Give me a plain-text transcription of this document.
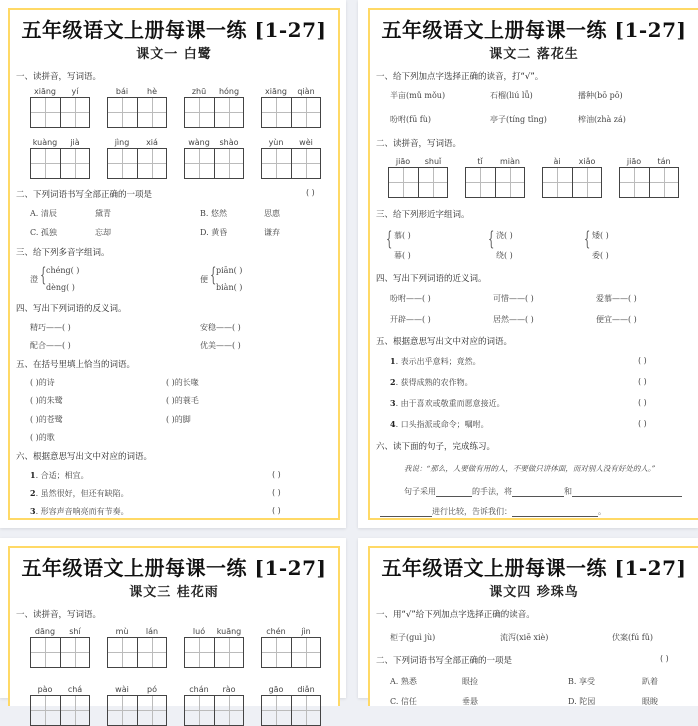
五年级语文上册每课一练 [1-27]
课文一 白鹭
一、读拼音，写词语。
xiāng	yí	bái	hè	zhū	hóng	xiāng	qiàn
kuàng	jià	jìng	xiá	wàng	shào	yùn	wèi
二、下列词语书写全部正确的一项是	( )
A. 清辰	黛青	B. 悠然	思惠
C. 孤独	忘却	D. 黄昏	谦弃
三、给下列多音字组词。
澄 { chéng( )
dèng( )
便 { piān( )
biàn( )
四、写出下列词语的反义词。
精巧——( )	安稳——( )
配合——( )	优美——( )
五、在括号里填上恰当的词语。
( )的诗	( )的长喙
( )的朱鹭	( )的蓑毛
( )的苍鹭	( )的脚
( )的歌
六、根据意思写出文中对应的词语。
1. 合适；相宜。	( )
2. 虽然很好，但还有缺陷。	( )
3. 形容声音响亮而有节奏。	( )
五年级语文上册每课一练 [1-27]
课文二 落花生
一、给下列加点字选择正确的读音，打“√”。
半亩(mǔ mǒu)	石榴(liú lǚ)	播种(bō pō)
吩咐(fū fù)	亭子(tíng tǐng)	榨油(zhà zá)
二、读拼音，写词语。
jiāo	shuǐ	tǐ	miàn	ài	xiǎo	jiāo	tán
三、给下列形近字组词。
{ 慕( )
幕( )
{ 浇( )
绕( )
{ 矮( )
委( )
四、写出下列词语的近义词。
吩咐——( )	可惜——( )	爱慕——( )
开辟——( )	居然——( )	便宜——( )
五、根据意思写出文中对应的词语。
1. 表示出乎意料；竟然。	( )
2. 获得成熟的农作物。	( )
3. 由于喜欢或敬重而愿意接近。	( )
4. 口头指派或命令；嘱咐。	( )
六、读下面的句子，完成练习。
我说：“那么，人要做有用的人，不要做只讲体面，而对别人没有好处的人。”
句子采用	的手法，将	和
进行比较，告诉我们：	。
五年级语文上册每课一练 [1-27]
课文三 桂花雨
一、读拼音，写词语。
dāng	shí	mù	lán	luó	kuāng	chén	jìn
pào	chá	wài	pó	chán	rào	gāo	diǎn
五年级语文上册每课一练 [1-27]
课文四 珍珠鸟
一、用“√”给下列加点字选择正确的读音。
柜子(guì jù)	流泻(xiē xiè)	伏案(fú fǔ)
二、下列词语书写全部正确的一项是	( )
A. 熟悉	眼捡	B. 享受	趴着
C. 信任	垂悬	D. 陀园	眼睃
